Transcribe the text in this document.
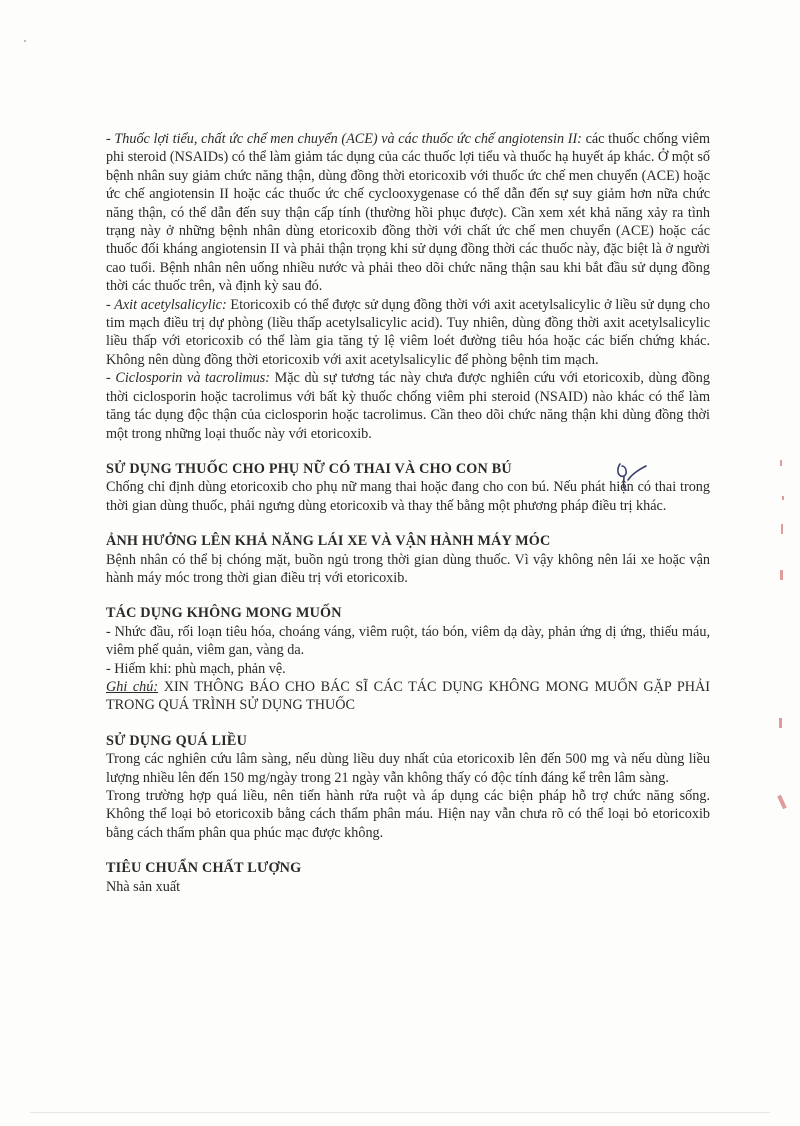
- Thuốc lợi tiểu, chất ức chế men chuyển (ACE) và các thuốc ức chế angiotensin II: các thuốc chống viêm phi steroid (NSAIDs) có thể làm giảm tác dụng của các thuốc lợi tiểu và thuốc hạ huyết áp khác. Ở một số bệnh nhân suy giảm chức năng thận, dùng đồng thời etoricoxib với thuốc ức chế men chuyển (ACE) hoặc ức chế angiotensin II hoặc các thuốc ức chế cyclooxygenase có thể dẫn đến sự suy giảm hơn nữa chức năng thận, có thể dẫn đến suy thận cấp tính (thường hồi phục được). Cần xem xét khả năng xảy ra tình trạng này ở những bệnh nhân dùng etoricoxib đồng thời với chất ức chế men chuyển (ACE) hoặc các thuốc đối kháng angiotensin II và phải thận trọng khi sử dụng đồng thời các thuốc này, đặc biệt là ở người cao tuổi. Bệnh nhân nên uống nhiều nước và phải theo dõi chức năng thận sau khi bắt đầu sử dụng đồng thời các thuốc trên, và định kỳ sau đó.

- Axit acetylsalicylic: Etoricoxib có thể được sử dụng đồng thời với axit acetylsalicylic ở liều sử dụng cho tim mạch điều trị dự phòng (liều thấp acetylsalicylic acid). Tuy nhiên, dùng đồng thời axit acetylsalicylic liều thấp với etoricoxib có thể làm gia tăng tỷ lệ viêm loét đường tiêu hóa hoặc các biến chứng khác. Không nên dùng đồng thời etoricoxib với axit acetylsalicylic để phòng bệnh tim mạch.

- Ciclosporin và tacrolimus: Mặc dù sự tương tác này chưa được nghiên cứu với etoricoxib, dùng đồng thời ciclosporin hoặc tacrolimus với bất kỳ thuốc chống viêm phi steroid (NSAID) nào khác có thể làm tăng tác dụng độc thận của ciclosporin hoặc tacrolimus. Cần theo dõi chức năng thận khi dùng đồng thời một trong những loại thuốc này với etoricoxib.

SỬ DỤNG THUỐC CHO PHỤ NỮ CÓ THAI VÀ CHO CON BÚ

Chống chỉ định dùng etoricoxib cho phụ nữ mang thai hoặc đang cho con bú. Nếu phát hiện có thai trong thời gian dùng thuốc, phải ngưng dùng etoricoxib và thay thế bằng một phương pháp điều trị khác.

ẢNH HƯỞNG LÊN KHẢ NĂNG LÁI XE VÀ VẬN HÀNH MÁY MÓC

Bệnh nhân có thể bị chóng mặt, buồn ngủ trong thời gian dùng thuốc. Vì vậy không nên lái xe hoặc vận hành máy móc trong thời gian điều trị với etoricoxib.

TÁC DỤNG KHÔNG MONG MUỐN

- Nhức đầu, rối loạn tiêu hóa, choáng váng, viêm ruột, táo bón, viêm dạ dày, phản ứng dị ứng, thiếu máu, viêm phế quản, viêm gan, vàng da.

- Hiếm khi: phù mạch, phản vệ.

Ghi chú: XIN THÔNG BÁO CHO BÁC SĨ CÁC TÁC DỤNG KHÔNG MONG MUỐN GẶP PHẢI TRONG QUÁ TRÌNH SỬ DỤNG THUỐC

SỬ DỤNG QUÁ LIỀU

Trong các nghiên cứu lâm sàng, nếu dùng liều duy nhất của etoricoxib lên đến 500 mg và nếu dùng liều lượng nhiều lên đến 150 mg/ngày trong 21 ngày vẫn không thấy có độc tính đáng kể trên lâm sàng.

Trong trường hợp quá liều, nên tiến hành rửa ruột và áp dụng các biện pháp hỗ trợ chức năng sống. Không thể loại bỏ etoricoxib bằng cách thẩm phân máu. Hiện nay vẫn chưa rõ có thể loại bỏ etoricoxib bằng cách thẩm phân qua phúc mạc được không.

TIÊU CHUẨN CHẤT LƯỢNG

Nhà sản xuất
